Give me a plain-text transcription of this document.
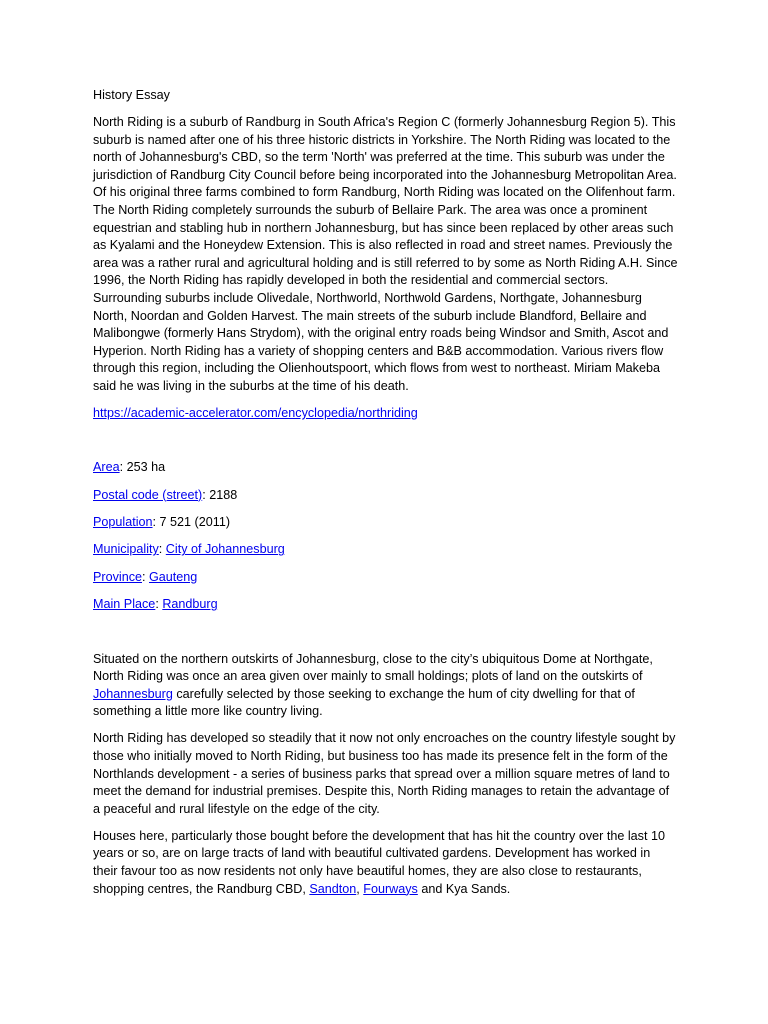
History Essay

North Riding is a suburb of Randburg in South Africa's Region C (formerly Johannesburg Region 5). This suburb is named after one of his three historic districts in Yorkshire. The North Riding was located to the north of Johannesburg's CBD, so the term 'North' was preferred at the time. This suburb was under the jurisdiction of Randburg City Council before being incorporated into the Johannesburg Metropolitan Area. Of his original three farms combined to form Randburg, North Riding was located on the Olifenhout farm. The North Riding completely surrounds the suburb of Bellaire Park. The area was once a prominent equestrian and stabling hub in northern Johannesburg, but has since been replaced by other areas such as Kyalami and the Honeydew Extension. This is also reflected in road and street names. Previously the area was a rather rural and agricultural holding and is still referred to by some as North Riding A.H. Since 1996, the North Riding has rapidly developed in both the residential and commercial sectors. Surrounding suburbs include Olivedale, Northworld, Northwold Gardens, Northgate, Johannesburg North, Noordan and Golden Harvest. The main streets of the suburb include Blandford, Bellaire and Malibongwe (formerly Hans Strydom), with the original entry roads being Windsor and Smith, Ascot and Hyperion. North Riding has a variety of shopping centers and B&B accommodation. Various rivers flow through this region, including the Olienhoutspoort, which flows from west to northeast. Miriam Makeba said he was living in the suburbs at the time of his death.

https://academic-accelerator.com/encyclopedia/northriding

Area: 253 ha

Postal code (street): 2188

Population: 7 521 (2011)

Municipality: City of Johannesburg

Province: Gauteng

Main Place: Randburg

Situated on the northern outskirts of Johannesburg, close to the city’s ubiquitous Dome at Northgate, North Riding was once an area given over mainly to small holdings; plots of land on the outskirts of Johannesburg carefully selected by those seeking to exchange the hum of city dwelling for that of something a little more like country living.

North Riding has developed so steadily that it now not only encroaches on the country lifestyle sought by those who initially moved to North Riding, but business too has made its presence felt in the form of the Northlands development - a series of business parks that spread over a million square metres of land to meet the demand for industrial premises. Despite this, North Riding manages to retain the advantage of a peaceful and rural lifestyle on the edge of the city.

Houses here, particularly those bought before the development that has hit the country over the last 10 years or so, are on large tracts of land with beautiful cultivated gardens. Development has worked in their favour too as now residents not only have beautiful homes, they are also close to restaurants, shopping centres, the Randburg CBD, Sandton, Fourways and Kya Sands.
